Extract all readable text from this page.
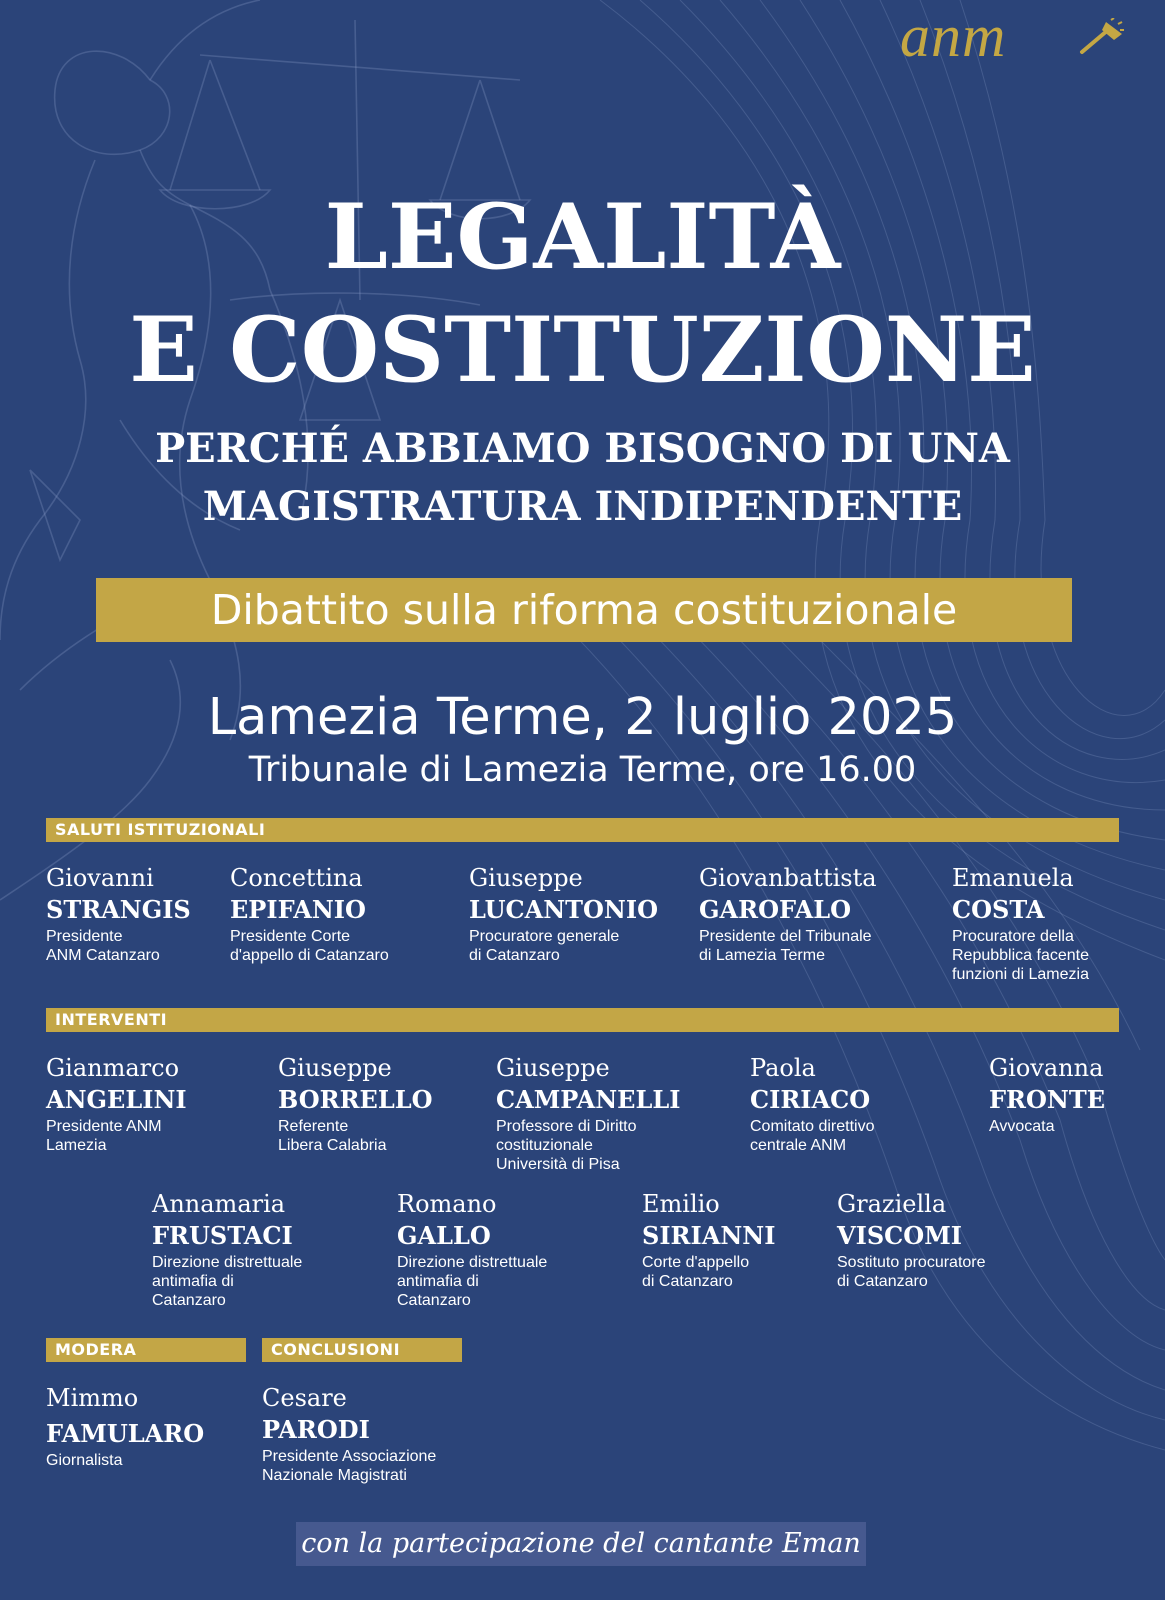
anm
LEGALITÀ
E COSTITUZIONE
PERCHÉ ABBIAMO BISOGNO DI UNA
MAGISTRATURA INDIPENDENTE
Dibattito sulla riforma costituzionale
Lamezia Terme, 2 luglio 2025
Tribunale di Lamezia Terme, ore 16.00
SALUTI ISTITUZIONALI
Giovanni
STRANGIS
Presidente
ANM Catanzaro
Concettina
EPIFANIO
Presidente Corte
d'appello di Catanzaro
Giuseppe
LUCANTONIO
Procuratore generale
di Catanzaro
Giovanbattista
GAROFALO
Presidente del Tribunale
di Lamezia Terme
Emanuela
COSTA
Procuratore della
Repubblica facente
funzioni di Lamezia
INTERVENTI
Gianmarco
ANGELINI
Presidente ANM
Lamezia
Giuseppe
BORRELLO
Referente
Libera Calabria
Giuseppe
CAMPANELLI
Professore di Diritto
costituzionale
Università di Pisa
Paola
CIRIACO
Comitato direttivo
centrale ANM
Giovanna
FRONTE
Avvocata
Annamaria
FRUSTACI
Direzione distrettuale
antimafia di
Catanzaro
Romano
GALLO
Direzione distrettuale
antimafia di
Catanzaro
Emilio
SIRIANNI
Corte d'appello
di Catanzaro
Graziella
VISCOMI
Sostituto procuratore
di Catanzaro
MODERA	CONCLUSIONI
Mimmo
FAMULARO
Giornalista
Cesare
PARODI
Presidente Associazione
Nazionale Magistrati
con la partecipazione del cantante Eman
